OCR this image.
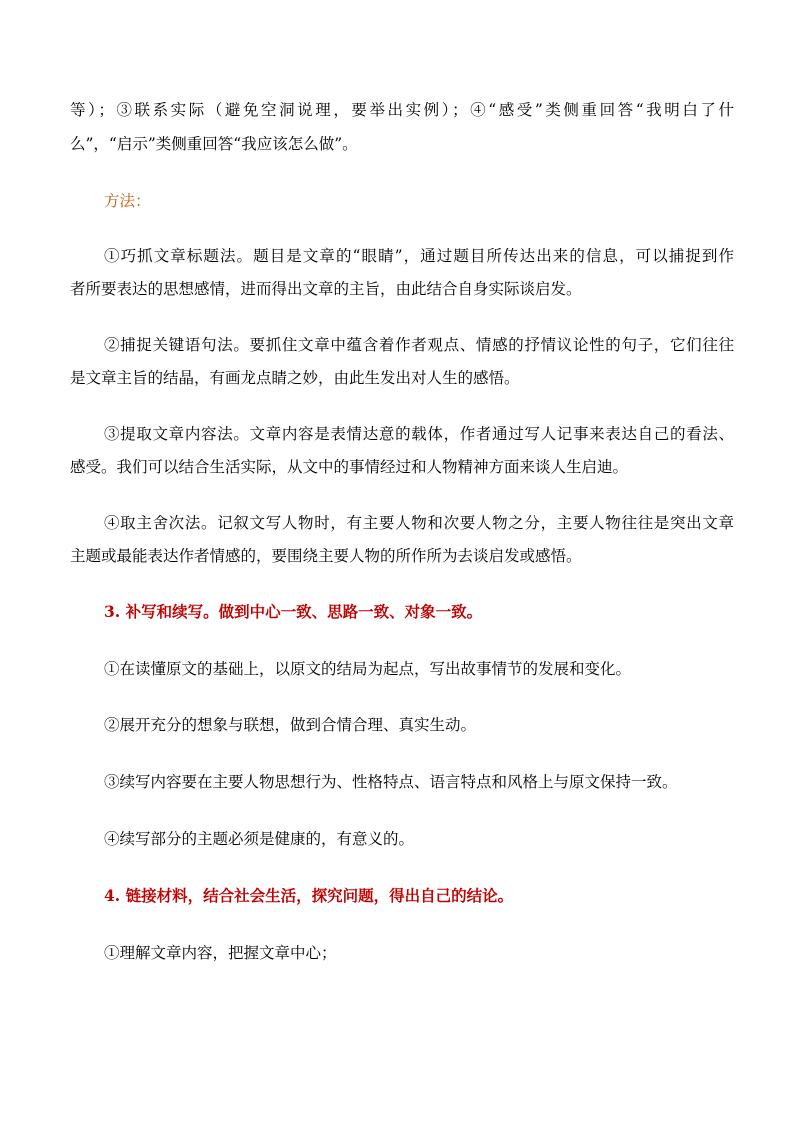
等）；③联系实际（避免空洞说理，要举出实例）；④“感受”类侧重回答“我明白了什
么”，“启示”类侧重回答“我应该怎么做”。
方法：
①巧抓文章标题法。题目是文章的“眼睛”，通过题目所传达出来的信息，可以捕捉到作
者所要表达的思想感情，进而得出文章的主旨，由此结合自身实际谈启发。
②捕捉关键语句法。要抓住文章中蕴含着作者观点、情感的抒情议论性的句子，它们往往
是文章主旨的结晶，有画龙点睛之妙，由此生发出对人生的感悟。
③提取文章内容法。文章内容是表情达意的载体，作者通过写人记事来表达自己的看法、
感受。我们可以结合生活实际，从文中的事情经过和人物精神方面来谈人生启迪。
④取主舍次法。记叙文写人物时，有主要人物和次要人物之分，主要人物往往是突出文章
主题或最能表达作者情感的，要围绕主要人物的所作所为去谈启发或感悟。
3. 补写和续写。做到中心一致、思路一致、对象一致。
①在读懂原文的基础上，以原文的结局为起点，写出故事情节的发展和变化。
②展开充分的想象与联想，做到合情合理、真实生动。
③续写内容要在主要人物思想行为、性格特点、语言特点和风格上与原文保持一致。
④续写部分的主题必须是健康的，有意义的。
4. 链接材料，结合社会生活，探究问题，得出自己的结论。
①理解文章内容，把握文章中心；
